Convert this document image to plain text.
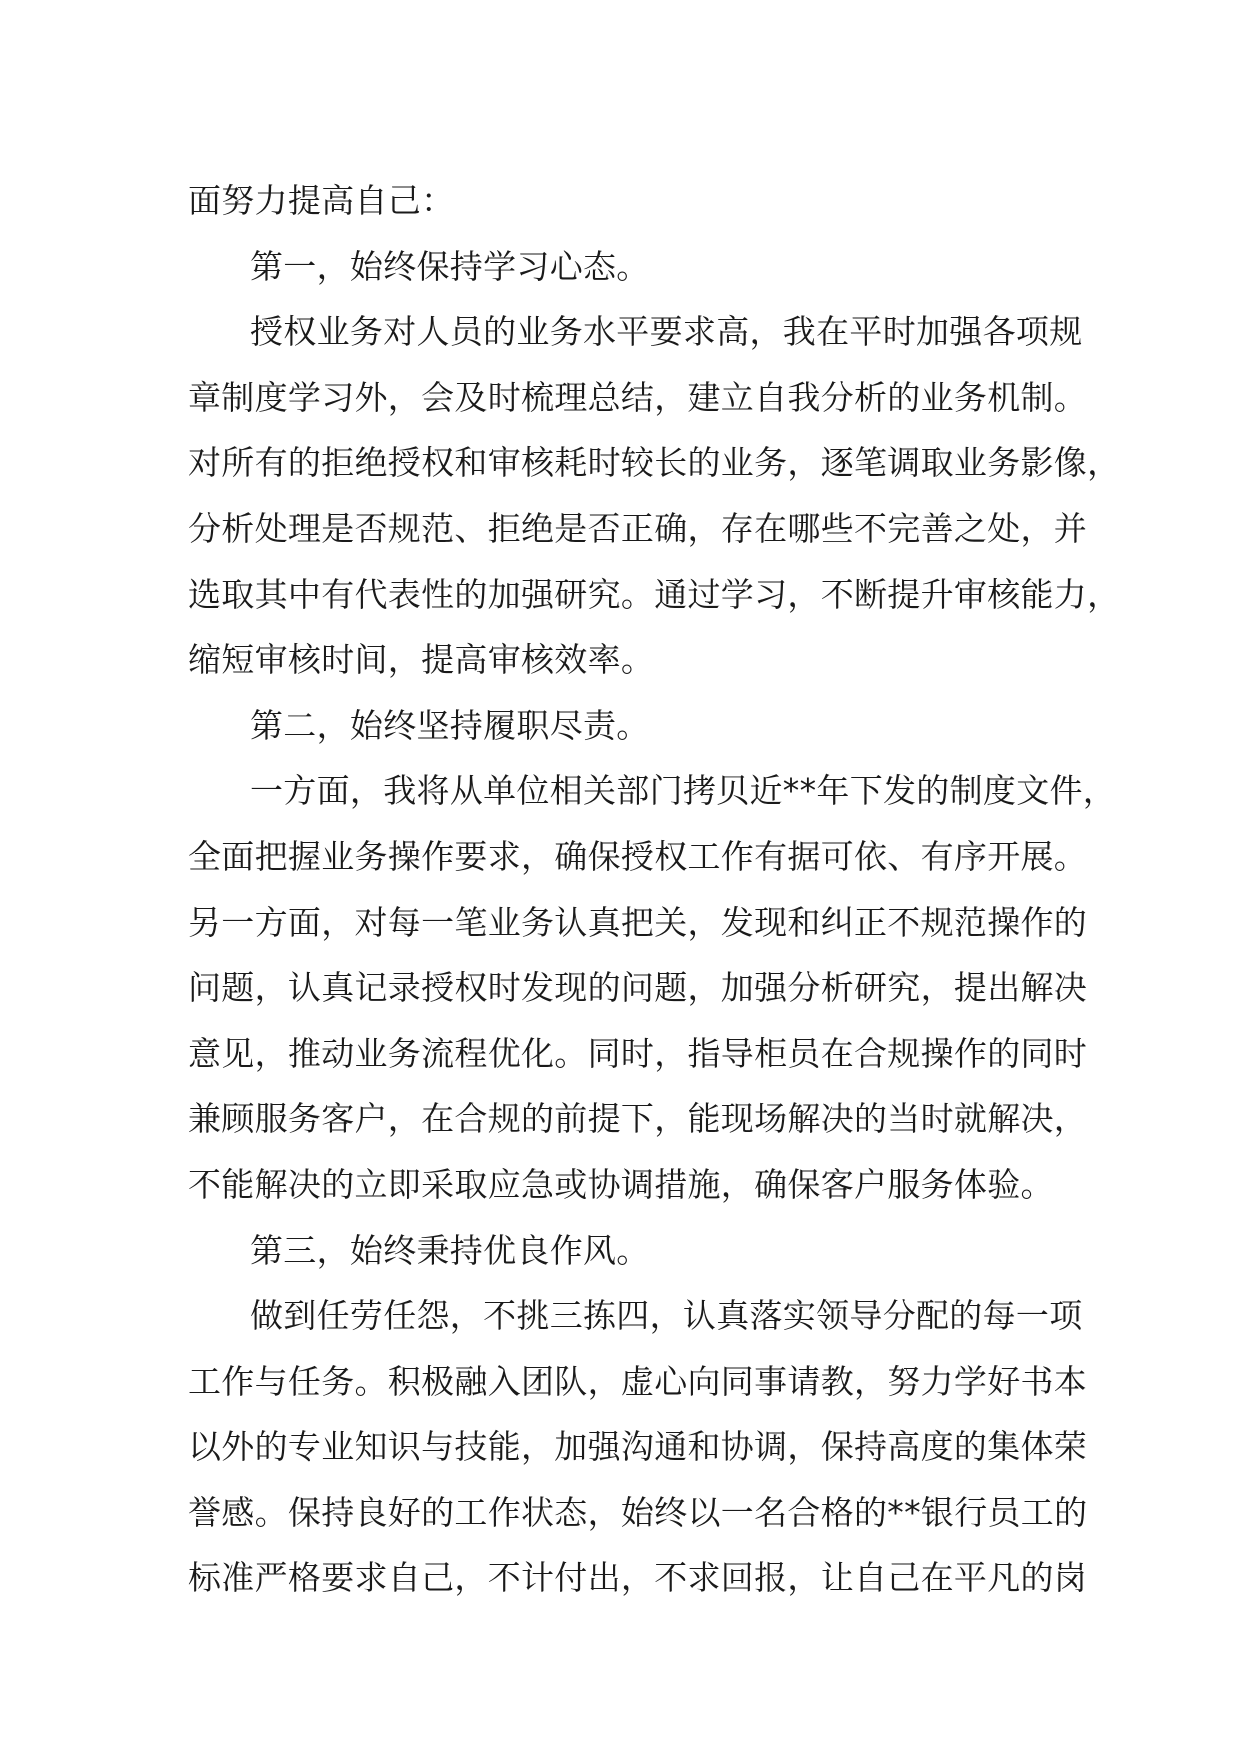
面努力提高自己：
第一，始终保持学习心态。
授权业务对人员的业务水平要求高，我在平时加强各项规
章制度学习外，会及时梳理总结，建立自我分析的业务机制。
对所有的拒绝授权和审核耗时较长的业务，逐笔调取业务影像，
分析处理是否规范、拒绝是否正确，存在哪些不完善之处，并
选取其中有代表性的加强研究。通过学习，不断提升审核能力，
缩短审核时间，提高审核效率。
第二，始终坚持履职尽责。
一方面，我将从单位相关部门拷贝近**年下发的制度文件，
全面把握业务操作要求，确保授权工作有据可依、有序开展。
另一方面，对每一笔业务认真把关，发现和纠正不规范操作的
问题，认真记录授权时发现的问题，加强分析研究，提出解决
意见，推动业务流程优化。同时，指导柜员在合规操作的同时
兼顾服务客户，在合规的前提下，能现场解决的当时就解决，
不能解决的立即采取应急或协调措施，确保客户服务体验。
第三，始终秉持优良作风。
做到任劳任怨，不挑三拣四，认真落实领导分配的每一项
工作与任务。积极融入团队，虚心向同事请教，努力学好书本
以外的专业知识与技能，加强沟通和协调，保持高度的集体荣
誉感。保持良好的工作状态，始终以一名合格的**银行员工的
标准严格要求自己，不计付出，不求回报，让自己在平凡的岗
